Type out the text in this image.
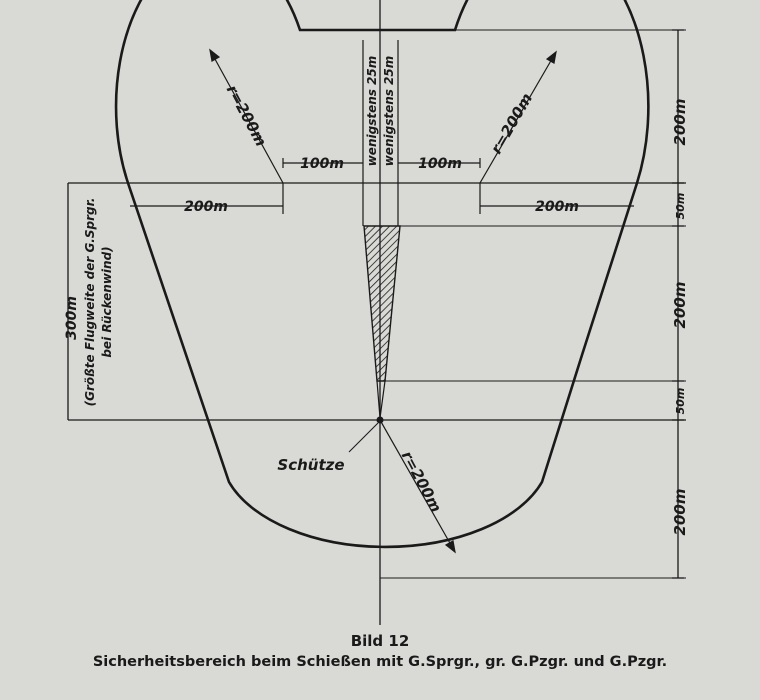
r=200m	r=200m
r=200m
100m	100m
200m	200m
wenigstens 25m wenigstens 25m
300m (Größte Flugweite der G.Sprgr. bei Rückenwind)
Schütze
200m
50m
200m
50m
200m
Bild 12
Sicherheitsbereich beim Schießen mit G.Sprgr., gr. G.Pzgr. und G.Pzgr.
